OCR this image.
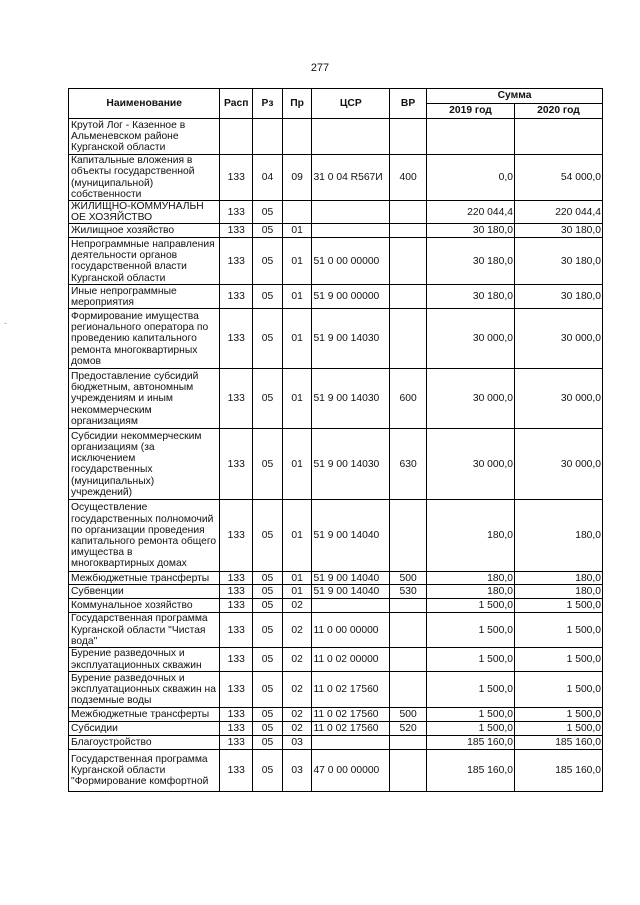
277
-
Наименование	Расп	Рз	Пр	ЦСР	ВР	Сумма	
						2019 год	2020 год
Крутой Лог - Казенное в Альменевском районе Курганской области							
Капитальные вложения в объекты государственной (муниципальной) собственности	133	04	09	31 0 04 R567И	400	0,0	54 000,0
ЖИЛИЩНО-КОММУНАЛЬН ОЕ ХОЗЯЙСТВО	133	05				220 044,4	220 044,4
Жилищное хозяйство	133	05	01			30 180,0	30 180,0
Непрограммные направления деятельности органов государственной власти Курганской области	133	05	01	51 0 00 00000		30 180,0	30 180,0
Иные непрограммные мероприятия	133	05	01	51 9 00 00000		30 180,0	30 180,0
Формирование имущества регионального оператора по проведению капитального ремонта многоквартирных домов	133	05	01	51 9 00 14030		30 000,0	30 000,0
Предоставление субсидий бюджетным, автономным учреждениям и иным некоммерческим организациям	133	05	01	51 9 00 14030	600	30 000,0	30 000,0
Субсидии некоммерческим организациям (за исключением государственных (муниципальных) учреждений)	133	05	01	51 9 00 14030	630	30 000,0	30 000,0
Осуществление государственных полномочий по организации проведения капитального ремонта общего имущества в многоквартирных домах	133	05	01	51 9 00 14040		180,0	180,0
Межбюджетные трансферты	133	05	01	51 9 00 14040	500	180,0	180,0
Субвенции	133	05	01	51 9 00 14040	530	180,0	180,0
Коммунальное хозяйство	133	05	02			1 500,0	1 500,0
Государственная программа Курганской области "Чистая вода"	133	05	02	11 0 00 00000		1 500,0	1 500,0
Бурение разведочных и эксплуатационных скважин	133	05	02	11 0 02 00000		1 500,0	1 500,0
Бурение разведочных и эксплуатационных скважин на подземные воды	133	05	02	11 0 02 17560		1 500,0	1 500,0
Межбюджетные трансферты	133	05	02	11 0 02 17560	500	1 500,0	1 500,0
Субсидии	133	05	02	11 0 02 17560	520	1 500,0	1 500,0
Благоустройство	133	05	03			185 160,0	185 160,0
Государственная программа Курганской области "Формирование комфортной	133	05	03	47 0 00 00000		185 160,0	185 160,0
